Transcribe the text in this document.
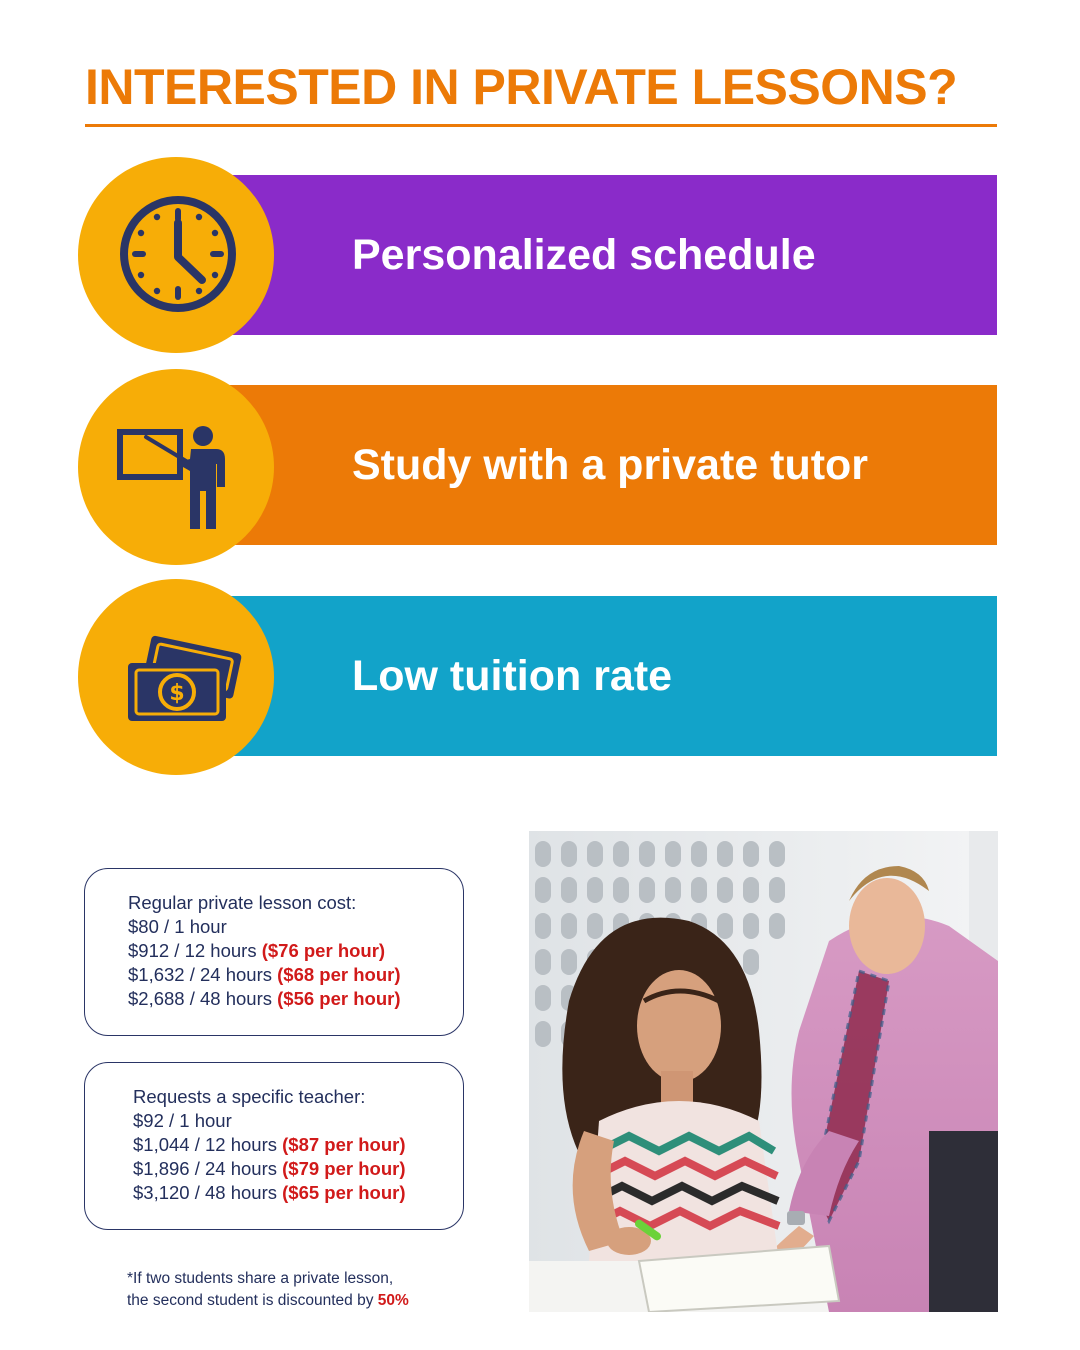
INTERESTED IN PRIVATE LESSONS?
Personalized schedule
Study with a private tutor
Low tuition rate
$
Regular private lesson cost:
$80 / 1 hour
$912 / 12 hours ($76 per hour)
$1,632 / 24 hours ($68 per hour)
$2,688 / 48 hours ($56 per hour)
Requests a specific teacher:
$92 / 1 hour
$1,044 / 12 hours ($87 per hour)
$1,896 / 24 hours ($79 per hour)
$3,120 / 48 hours ($65 per hour)
*If two students share a private lesson,
the second student is discounted by 50%
